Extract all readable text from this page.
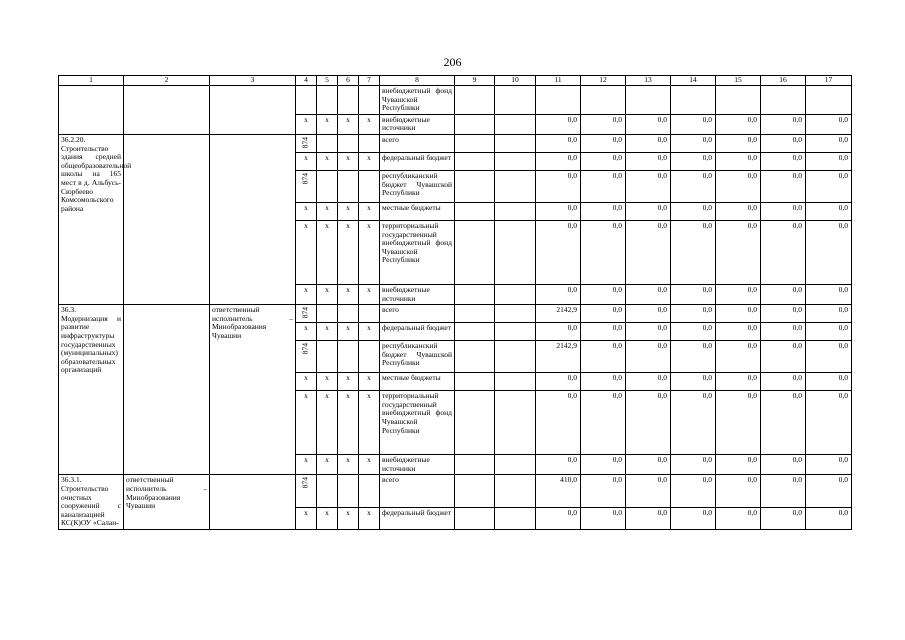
206
1	2	3	4	5	6	7	8	9	10	11	12	13	14	15	16	17
							внебюджетный фонд Чувашской Республики									
			х	х	х	х	внебюджетные источники			0,0	0,0	0,0	0,0	0,0	0,0	0,0
36.2.20. Строительство здания средней общеобразовательной школы на 165 мест в д. Альбусь-Сюрбеево Комсомольского района			874				всего			0,0	0,0	0,0	0,0	0,0	0,0	0,0
			х	х	х	х	федеральный бюджет			0,0	0,0	0,0	0,0	0,0	0,0	0,0

			874				республиканский бюджет Чувашской Республики			0,0	0,0	0,0	0,0	0,0	0,0	0,0
			х	х	х	х	местные бюджеты			0,0	0,0	0,0	0,0	0,0	0,0	0,0
			х	х	х	х	территориальный государственный внебюджетный фонд Чувашской Республики			0,0	0,0	0,0	0,0	0,0	0,0	0,0
			х	х	х	х	внебюджетные источники			0,0	0,0	0,0	0,0	0,0	0,0	0,0
36.3. Модернизация и развитие инфраструктуры государственных (муниципальных) образовательных организаций		ответственный исполнитель – Минобразования Чувашии	874				всего			2142,9	0,0	0,0	0,0	0,0	0,0	0,0
			х	х	х	х	федеральный бюджет			0,0	0,0	0,0	0,0	0,0	0,0	0,0

			874				республиканский бюджет Чувашской Республики			2142,9	0,0	0,0	0,0	0,0	0,0	0,0
			х	х	х	х	местные бюджеты			0,0	0,0	0,0	0,0	0,0	0,0	0,0
			х	х	х	х	территориальный государственный внебюджетный фонд Чувашской Республики			0,0	0,0	0,0	0,0	0,0	0,0	0,0
			х	х	х	х	внебюджетные источники			0,0	0,0	0,0	0,0	0,0	0,0	0,0
36.3.1. Строительство очистных сооружений с канализацией КС(К)ОУ «Салан-	ответственный исполнитель – Минобразования Чувашии		874				всего			410,0	0,0	0,0	0,0	0,0	0,0	0,0
			х	х	х	х	федеральный бюджет			0,0	0,0	0,0	0,0	0,0	0,0	0,0
